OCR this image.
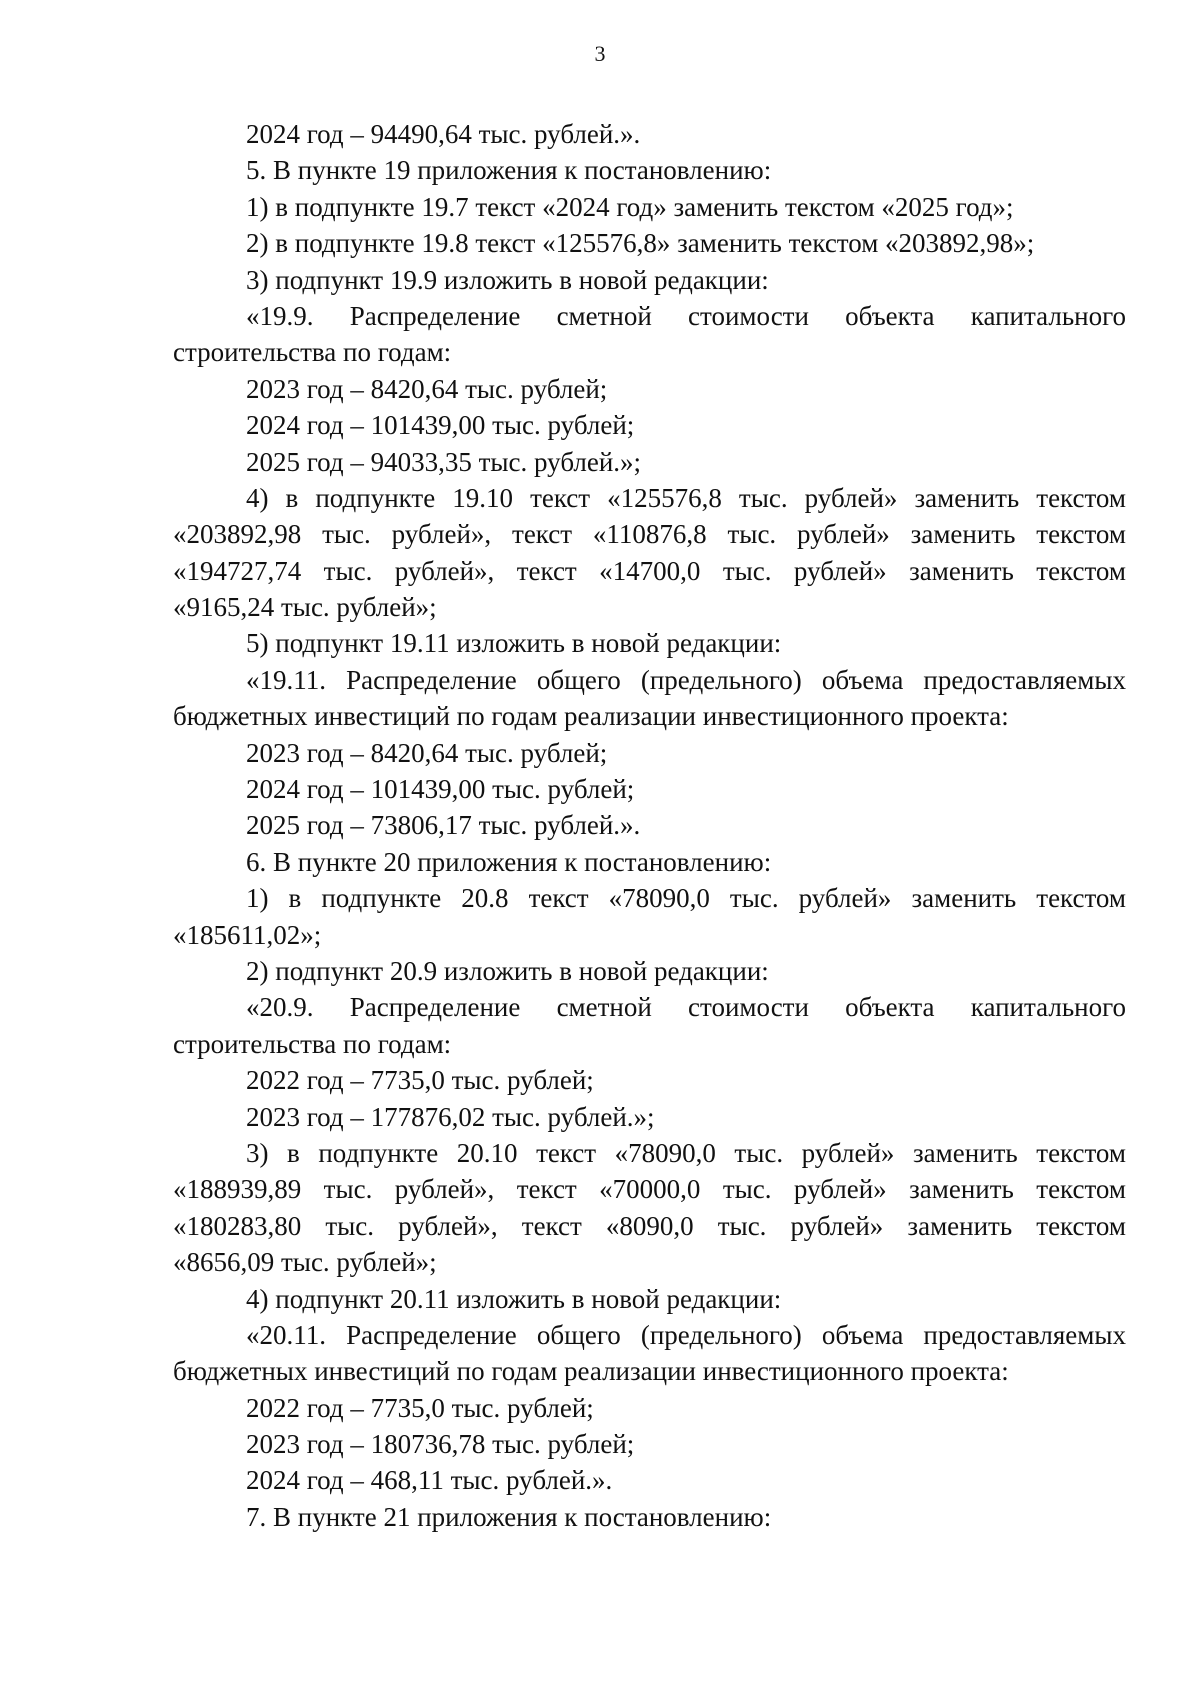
3

2024 год – 94490,64 тыс. рублей.».

5. В пункте 19 приложения к постановлению:

1) в подпункте 19.7 текст «2024 год» заменить текстом «2025 год»;

2) в подпункте 19.8 текст «125576,8» заменить текстом «203892,98»;

3) подпункт 19.9 изложить в новой редакции:

«19.9. Распределение сметной стоимости объекта капитального

строительства по годам:

2023 год – 8420,64 тыс. рублей;

2024 год – 101439,00 тыс. рублей;

2025 год – 94033,35 тыс. рублей.»;

4) в подпункте 19.10 текст «125576,8 тыс. рублей» заменить текстом

«203892,98 тыс. рублей», текст «110876,8 тыс. рублей» заменить текстом

«194727,74 тыс. рублей», текст «14700,0 тыс. рублей» заменить текстом

«9165,24 тыс. рублей»;

5) подпункт 19.11 изложить в новой редакции:

«19.11. Распределение общего (предельного) объема предоставляемых

бюджетных инвестиций по годам реализации инвестиционного проекта:

2023 год – 8420,64 тыс. рублей;

2024 год – 101439,00 тыс. рублей;

2025 год – 73806,17 тыс. рублей.».

6. В пункте 20 приложения к постановлению:

1) в подпункте 20.8 текст «78090,0 тыс. рублей» заменить текстом

«185611,02»;

2) подпункт 20.9 изложить в новой редакции:

«20.9. Распределение сметной стоимости объекта капитального

строительства по годам:

2022 год – 7735,0 тыс. рублей;

2023 год – 177876,02 тыс. рублей.»;

3) в подпункте 20.10 текст «78090,0 тыс. рублей» заменить текстом

«188939,89 тыс. рублей», текст «70000,0 тыс. рублей» заменить текстом

«180283,80 тыс. рублей», текст «8090,0 тыс. рублей» заменить текстом

«8656,09 тыс. рублей»;

4) подпункт 20.11 изложить в новой редакции:

«20.11. Распределение общего (предельного) объема предоставляемых

бюджетных инвестиций по годам реализации инвестиционного проекта:

2022 год – 7735,0 тыс. рублей;

2023 год – 180736,78 тыс. рублей;

2024 год – 468,11 тыс. рублей.».

7. В пункте 21 приложения к постановлению:
